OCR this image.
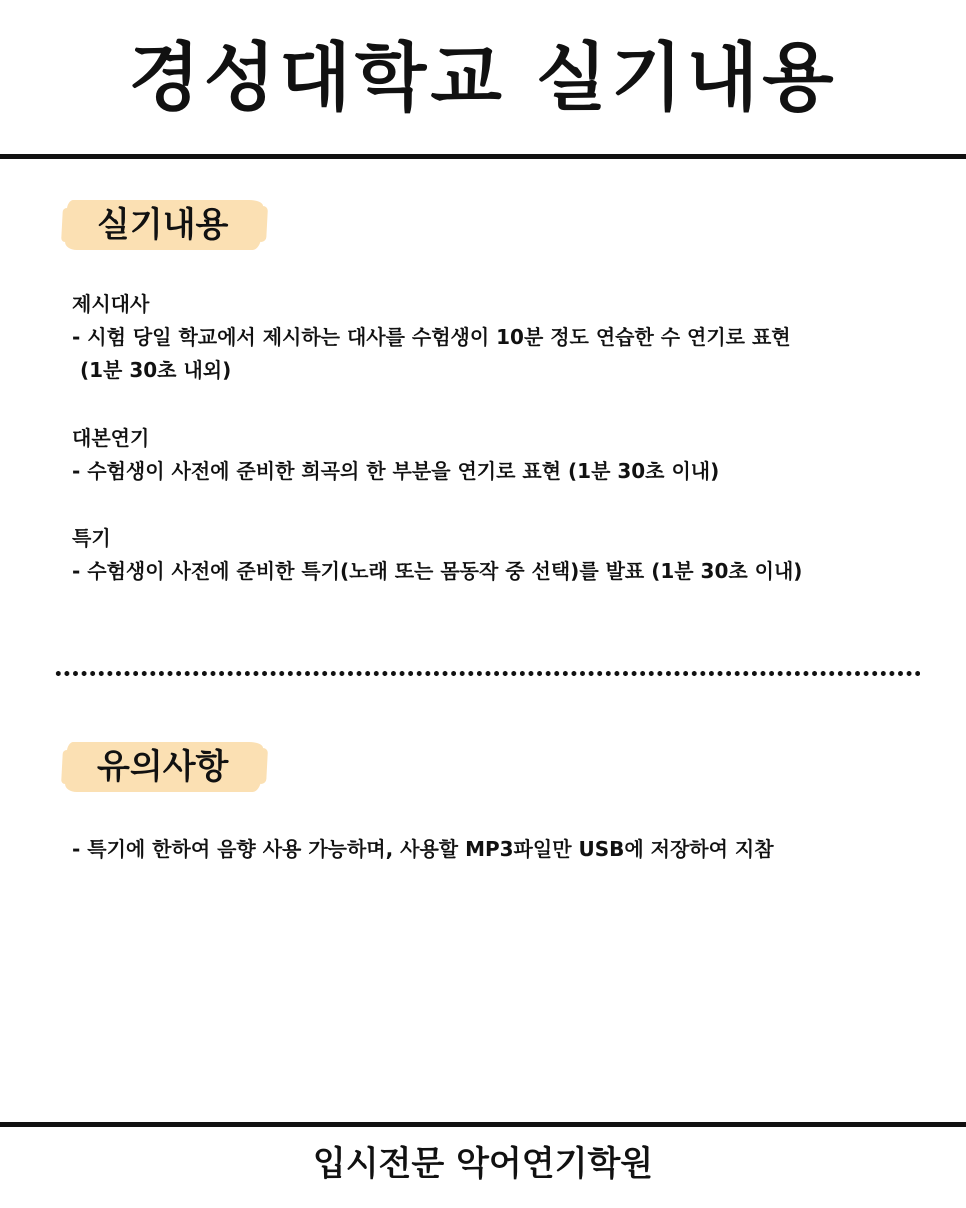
경성대학교 실기내용
실기내용
제시대사
- 시험 당일 학교에서 제시하는 대사를 수험생이 10분 정도 연습한 수 연기로 표현
(1분 30초 내외)
대본연기
- 수험생이 사전에 준비한 희곡의 한 부분을 연기로 표현 (1분 30초 이내)
특기
- 수험생이 사전에 준비한 특기(노래 또는 몸동작 중 선택)를 발표 (1분 30초 이내)
유의사항
- 특기에 한하여 음향 사용 가능하며, 사용할 MP3파일만 USB에 저장하여 지참
입시전문 악어연기학원
